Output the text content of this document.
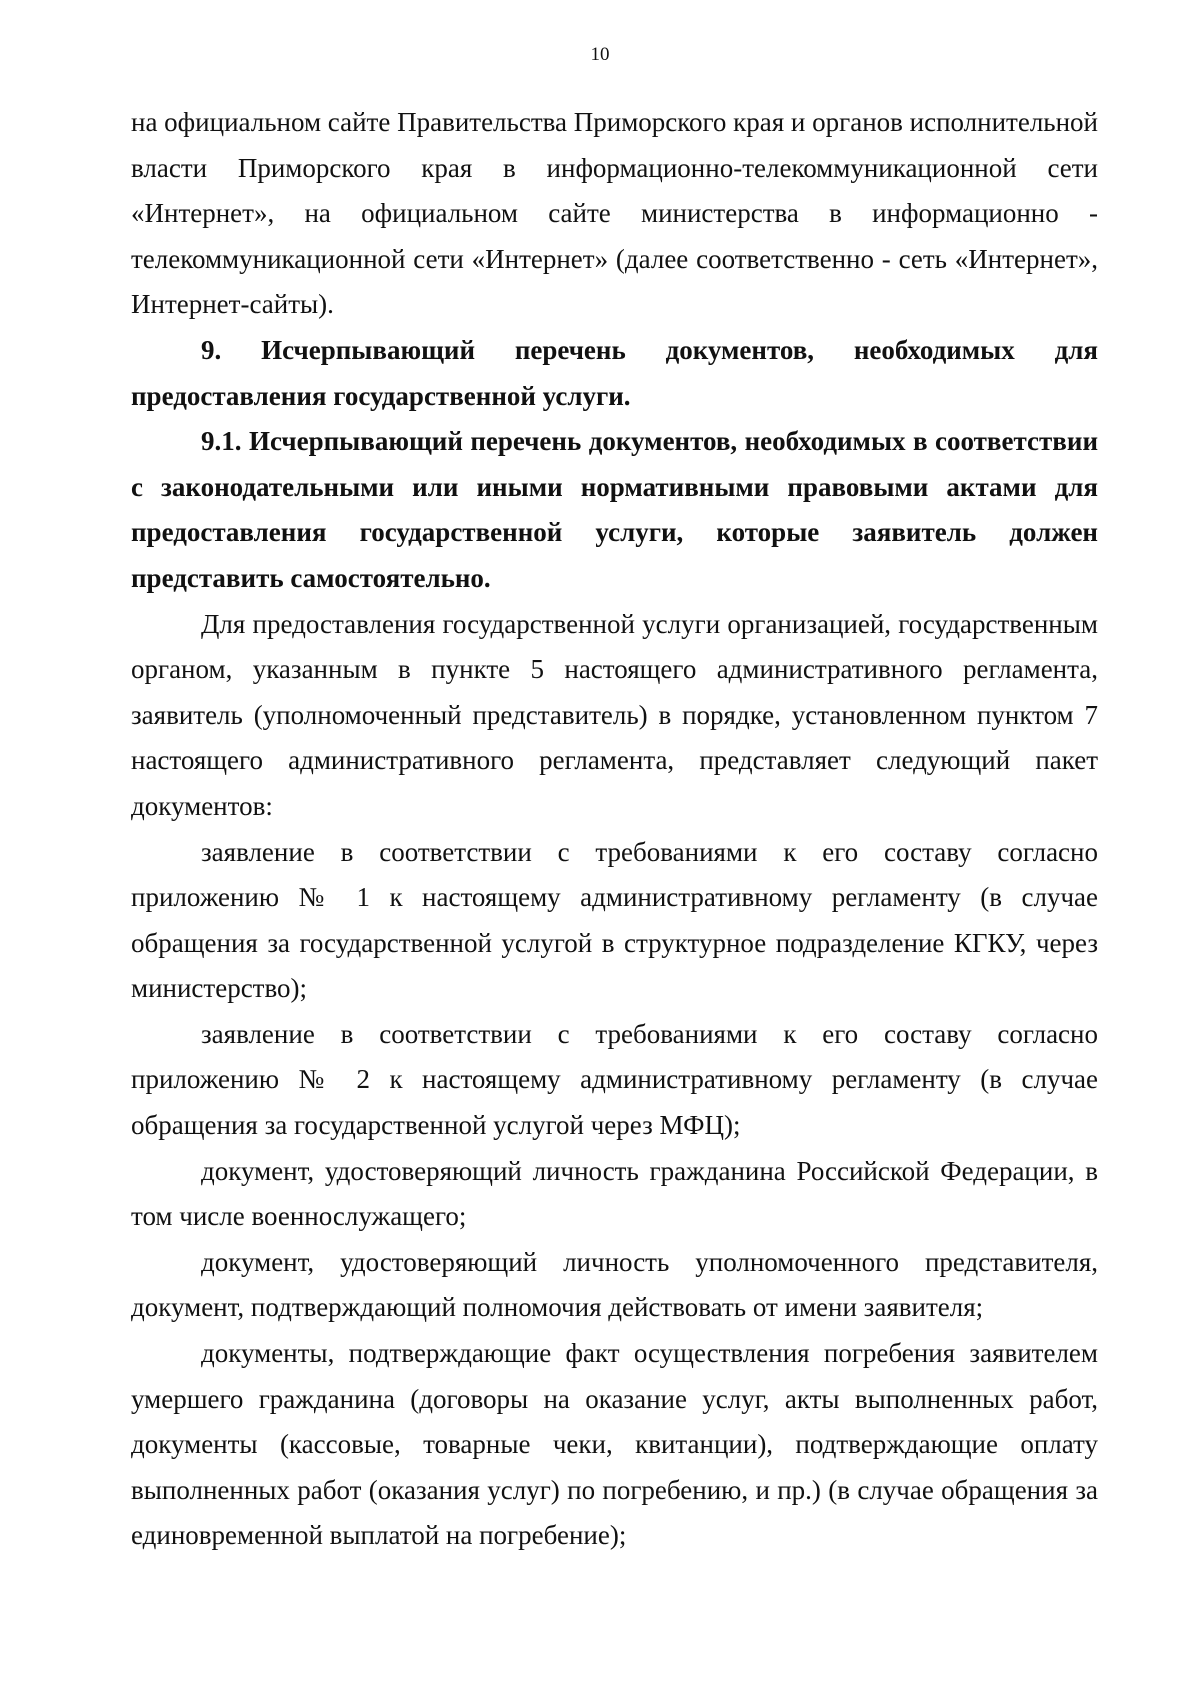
10

на официальном сайте Правительства Приморского края и органов исполнительной власти Приморского края в информационно-телекоммуникационной сети «Интернет», на официальном сайте министерства в информационно - телекоммуникационной сети «Интернет» (далее соответственно - сеть «Интернет», Интернет-сайты).

9. Исчерпывающий перечень документов, необходимых для предоставления государственной услуги.

9.1. Исчерпывающий перечень документов, необходимых в соответствии с законодательными или иными нормативными правовыми актами для предоставления государственной услуги, которые заявитель должен представить самостоятельно.

Для предоставления государственной услуги организацией, государственным органом, указанным в пункте 5 настоящего административного регламента, заявитель (уполномоченный представитель) в порядке, установленном пунктом 7 настоящего административного регламента, представляет следующий пакет документов:

заявление в соответствии с требованиями к его составу согласно приложению № 1 к настоящему административному регламенту (в случае обращения за государственной услугой в структурное подразделение КГКУ, через министерство);

заявление в соответствии с требованиями к его составу согласно приложению № 2 к настоящему административному регламенту (в случае обращения за государственной услугой через МФЦ);

документ, удостоверяющий личность гражданина Российской Федерации, в том числе военнослужащего;

документ, удостоверяющий личность уполномоченного представителя, документ, подтверждающий полномочия действовать от имени заявителя;

документы, подтверждающие факт осуществления погребения заявителем умершего гражданина (договоры на оказание услуг, акты выполненных работ, документы (кассовые, товарные чеки, квитанции), подтверждающие оплату выполненных работ (оказания услуг) по погребению, и пр.) (в случае обращения за единовременной выплатой на погребение);
